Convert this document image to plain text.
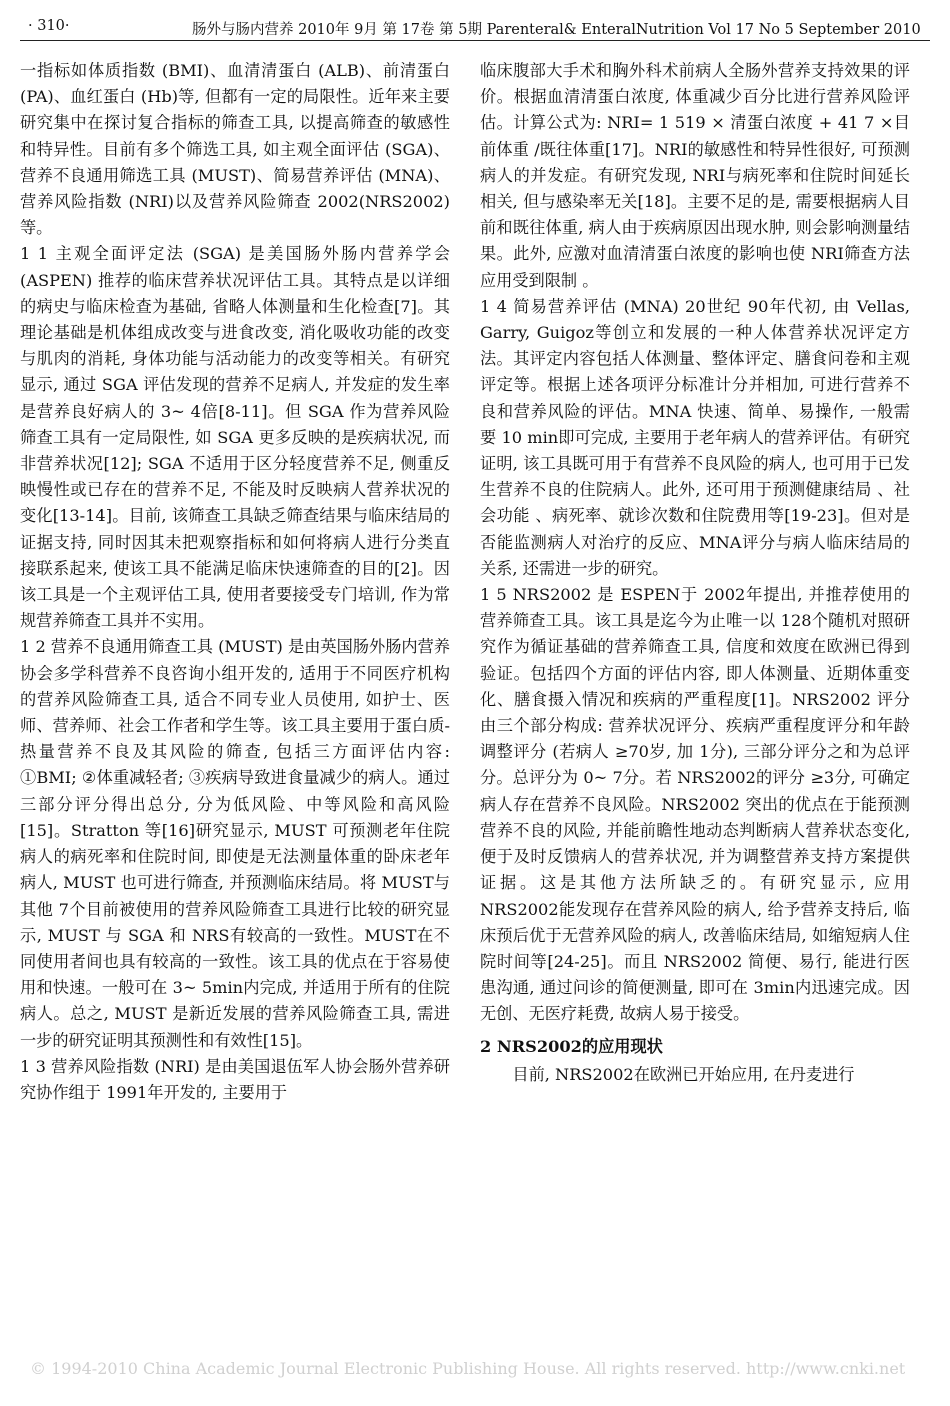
· 310·	肠外与肠内营养 2010年 9月 第 17卷 第 5期 Parenteral& EnteralNutrition Vol 17 No 5 September 2010

一指标如体质指数 (BMI)、血清清蛋白 (ALB)、前清蛋白 (PA)、血红蛋白 (Hb)等, 但都有一定的局限性。近年来主要研究集中在探讨复合指标的筛查工具, 以提高筛查的敏感性和特异性。目前有多个筛选工具, 如主观全面评估 (SGA)、营养不良通用筛选工具 (MUST)、简易营养评估 (MNA)、营养风险指数 (NRI)以及营养风险筛查 2002(NRS2002)等。

1 1 主观全面评定法 (SGA) 是美国肠外肠内营养学会 (ASPEN) 推荐的临床营养状况评估工具。其特点是以详细的病史与临床检查为基础, 省略人体测量和生化检查[7]。其理论基础是机体组成改变与进食改变, 消化吸收功能的改变与肌肉的消耗, 身体功能与活动能力的改变等相关。有研究显示, 通过 SGA 评估发现的营养不足病人, 并发症的发生率是营养良好病人的 3~ 4倍[8-11]。但 SGA 作为营养风险筛查工具有一定局限性, 如 SGA 更多反映的是疾病状况, 而非营养状况[12]; SGA 不适用于区分轻度营养不足, 侧重反映慢性或已存在的营养不足, 不能及时反映病人营养状况的变化[13-14]。目前, 该筛查工具缺乏筛查结果与临床结局的证据支持, 同时因其未把观察指标和如何将病人进行分类直接联系起来, 使该工具不能满足临床快速筛查的目的[2]。因该工具是一个主观评估工具, 使用者要接受专门培训, 作为常规营养筛查工具并不实用。

1 2 营养不良通用筛查工具 (MUST) 是由英国肠外肠内营养协会多学科营养不良咨询小组开发的, 适用于不同医疗机构的营养风险筛查工具, 适合不同专业人员使用, 如护士、医师、营养师、社会工作者和学生等。该工具主要用于蛋白质-热量营养不良及其风险的筛查, 包括三方面评估内容: ①BMI; ②体重减轻者; ③疾病导致进食量减少的病人。通过三部分评分得出总分, 分为低风险、中等风险和高风险[15]。Stratton 等[16]研究显示, MUST 可预测老年住院病人的病死率和住院时间, 即使是无法测量体重的卧床老年病人, MUST 也可进行筛查, 并预测临床结局。将 MUST与其他 7个目前被使用的营养风险筛查工具进行比较的研究显示, MUST 与 SGA 和 NRS有较高的一致性。MUST在不同使用者间也具有较高的一致性。该工具的优点在于容易使用和快速。一般可在 3~ 5min内完成, 并适用于所有的住院病人。总之, MUST 是新近发展的营养风险筛查工具, 需进一步的研究证明其预测性和有效性[15]。

1 3 营养风险指数 (NRI) 是由美国退伍军人协会肠外营养研究协作组于 1991年开发的, 主要用于

临床腹部大手术和胸外科术前病人全肠外营养支持效果的评价。根据血清清蛋白浓度, 体重减少百分比进行营养风险评估。计算公式为: NRI= 1 519 × 清蛋白浓度 + 41 7 ×目前体重 /既往体重[17]。NRI的敏感性和特异性很好, 可预测病人的并发症。有研究发现, NRI与病死率和住院时间延长相关, 但与感染率无关[18]。主要不足的是, 需要根据病人目前和既往体重, 病人由于疾病原因出现水肿, 则会影响测量结果。此外, 应激对血清清蛋白浓度的影响也使 NRI筛查方法应用受到限制 。

1 4 简易营养评估 (MNA) 20世纪 90年代初, 由 Vellas, Garry, Guigoz等创立和发展的一种人体营养状况评定方法。其评定内容包括人体测量、整体评定、膳食问卷和主观评定等。根据上述各项评分标准计分并相加, 可进行营养不良和营养风险的评估。MNA 快速、简单、易操作, 一般需要 10 min即可完成, 主要用于老年病人的营养评估。有研究证明, 该工具既可用于有营养不良风险的病人, 也可用于已发生营养不良的住院病人。此外, 还可用于预测健康结局 、社会功能 、病死率、就诊次数和住院费用等[19-23]。但对是否能监测病人对治疗的反应、MNA评分与病人临床结局的关系, 还需进一步的研究。

1 5 NRS2002 是 ESPEN于 2002年提出, 并推荐使用的营养筛查工具。该工具是迄今为止唯一以 128个随机对照研究作为循证基础的营养筛查工具, 信度和效度在欧洲已得到验证。包括四个方面的评估内容, 即人体测量、近期体重变化、膳食摄入情况和疾病的严重程度[1]。NRS2002 评分由三个部分构成: 营养状况评分、疾病严重程度评分和年龄调整评分 (若病人 ≥70岁, 加 1分), 三部分评分之和为总评分。总评分为 0~ 7分。若 NRS2002的评分 ≥3分, 可确定病人存在营养不良风险。NRS2002 突出的优点在于能预测营养不良的风险, 并能前瞻性地动态判断病人营养状态变化, 便于及时反馈病人的营养状况, 并为调整营养支持方案提供证据。这是其他方法所缺乏的。有研究显示, 应用 NRS2002能发现存在营养风险的病人, 给予营养支持后, 临床预后优于无营养风险的病人, 改善临床结局, 如缩短病人住院时间等[24-25]。而且 NRS2002 简便、易行, 能进行医患沟通, 通过问诊的简便测量, 即可在 3min内迅速完成。因无创、无医疗耗费, 故病人易于接受。

2 NRS2002的应用现状

目前, NRS2002在欧洲已开始应用, 在丹麦进行

© 1994-2010 China Academic Journal Electronic Publishing House. All rights reserved. http://www.cnki.net
